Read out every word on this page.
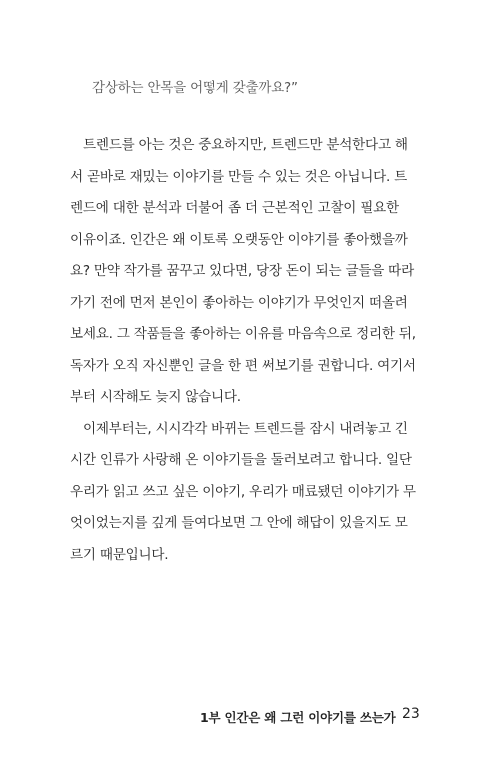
감상하는 안목을 어떻게 갖출까요?”
트렌드를 아는 것은 중요하지만, 트렌드만 분석한다고 해
서 곧바로 재밌는 이야기를 만들 수 있는 것은 아닙니다. 트
렌드에 대한 분석과 더불어 좀 더 근본적인 고찰이 필요한
이유이죠. 인간은 왜 이토록 오랫동안 이야기를 좋아했을까
요? 만약 작가를 꿈꾸고 있다면, 당장 돈이 되는 글들을 따라
가기 전에 먼저 본인이 좋아하는 이야기가 무엇인지 떠올려
보세요. 그 작품들을 좋아하는 이유를 마음속으로 정리한 뒤,
독자가 오직 자신뿐인 글을 한 편 써보기를 권합니다. 여기서
부터 시작해도 늦지 않습니다.
이제부터는, 시시각각 바뀌는 트렌드를 잠시 내려놓고 긴
시간 인류가 사랑해 온 이야기들을 둘러보려고 합니다. 일단
우리가 읽고 쓰고 싶은 이야기, 우리가 매료됐던 이야기가 무
엇이었는지를 깊게 들여다보면 그 안에 해답이 있을지도 모
르기 때문입니다.
1부 인간은 왜 그런 이야기를 쓰는가 23
